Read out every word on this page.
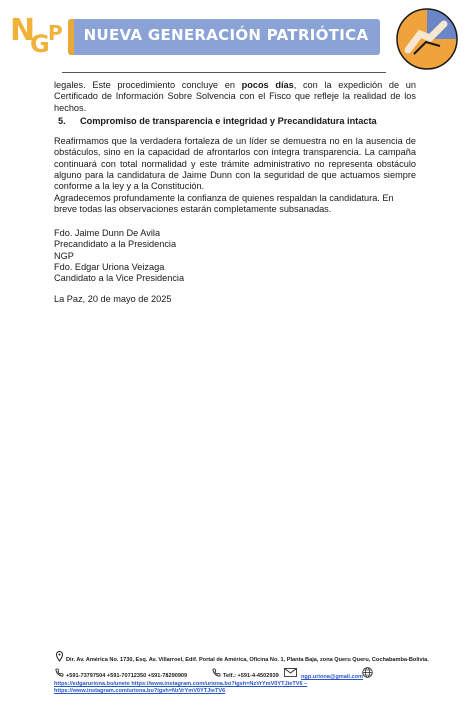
N
G
P	NUEVA GENERACIÓN PATRIÓTICA
legales. Este procedimiento concluye en pocos días, con la expedición de un Certificado de Información Sobre Solvencia con el Fisco que refleje la realidad de los hechos.
5. Compromiso de transparencia e integridad y Precandidatura intacta
Reafirmamos que la verdadera fortaleza de un líder se demuestra no en la ausencia de obstáculos, sino en la capacidad de afrontarlos con integra transparencia. La campaña continuará con total normalidad y este trámite administrativo no representa obstáculo alguno para la candidatura de Jaime Dunn con la seguridad de que actuamos siempre conforme a la ley y a la Constitución.
Agradecemos profundamente la confianza de quienes respaldan la candidatura. En breve todas las observaciones estarán completamente subsanadas.
Fdo. Jaime Dunn De Avila
Precandidato a la Presidencia
NGP
Fdo. Edgar Uriona Veizaga
Candidato a la Vice Presidencia
La Paz, 20 de mayo de 2025
Dir. Av. América No. 1730, Esq. Av. Villarroel, Edif. Portal de América, Oficina No. 1, Planta Baja, zona Queru Queru, Cochabamba-Bolivia.
+591-73797504 +591-70712350 +591-78290909	Telf.: +591-4-4502939	ngp.uriona@gmail.com
https://edgaruriona.bo/unete https://www.instagram.com/uriona.bo?igsh=NzVrYmV0YTJieTV6 –
https://www.instagram.com/uriona.bo?igsh=NzVrYmV0YTJieTV6
